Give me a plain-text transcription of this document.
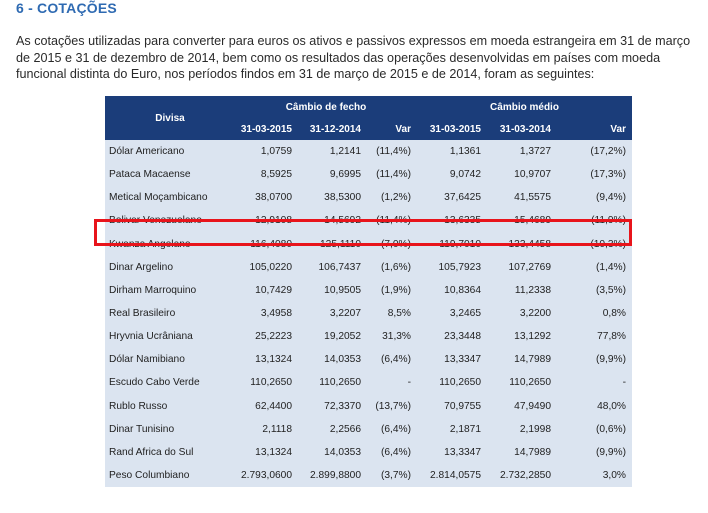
6 - COTAÇÕES
As cotações utilizadas para converter para euros os ativos e passivos expressos em moeda estrangeira em 31 de março de 2015 e 31 de dezembro de 2014, bem como os resultados das operações desenvolvidas em países com moeda funcional distinta do Euro, nos períodos findos em 31 de março de 2015 e de 2014, foram as seguintes:
Divisa	Câmbio de fecho			Câmbio médio		
	31-03-2015	31-12-2014	Var	31-03-2015	31-03-2014	Var
Dólar Americano	1,0759	1,2141	(11,4%)	1,1361	1,3727	(17,2%)
Pataca Macaense	8,5925	9,6995	(11,4%)	9,0742	10,9707	(17,3%)
Metical Moçambicano	38,0700	38,5300	(1,2%)	37,6425	41,5575	(9,4%)
Bolivar Venezuelano	12,9108	14,5692	(11,4%)	13,6335	15,4689	(11,9%)
Kwanza Angolano	116,4080	125,1110	(7,0%)	119,7010	133,4458	(10,3%)
Dinar Argelino	105,0220	106,7437	(1,6%)	105,7923	107,2769	(1,4%)
Dirham Marroquino	10,7429	10,9505	(1,9%)	10,8364	11,2338	(3,5%)
Real Brasileiro	3,4958	3,2207	8,5%	3,2465	3,2200	0,8%
Hryvnia Ucrâniana	25,2223	19,2052	31,3%	23,3448	13,1292	77,8%
Dólar Namibiano	13,1324	14,0353	(6,4%)	13,3347	14,7989	(9,9%)
Escudo Cabo Verde	110,2650	110,2650	-	110,2650	110,2650	-
Rublo Russo	62,4400	72,3370	(13,7%)	70,9755	47,9490	48,0%
Dinar Tunisino	2,1118	2,2566	(6,4%)	2,1871	2,1998	(0,6%)
Rand Africa do Sul	13,1324	14,0353	(6,4%)	13,3347	14,7989	(9,9%)
Peso Columbiano	2.793,0600	2.899,8800	(3,7%)	2.814,0575	2.732,2850	3,0%
